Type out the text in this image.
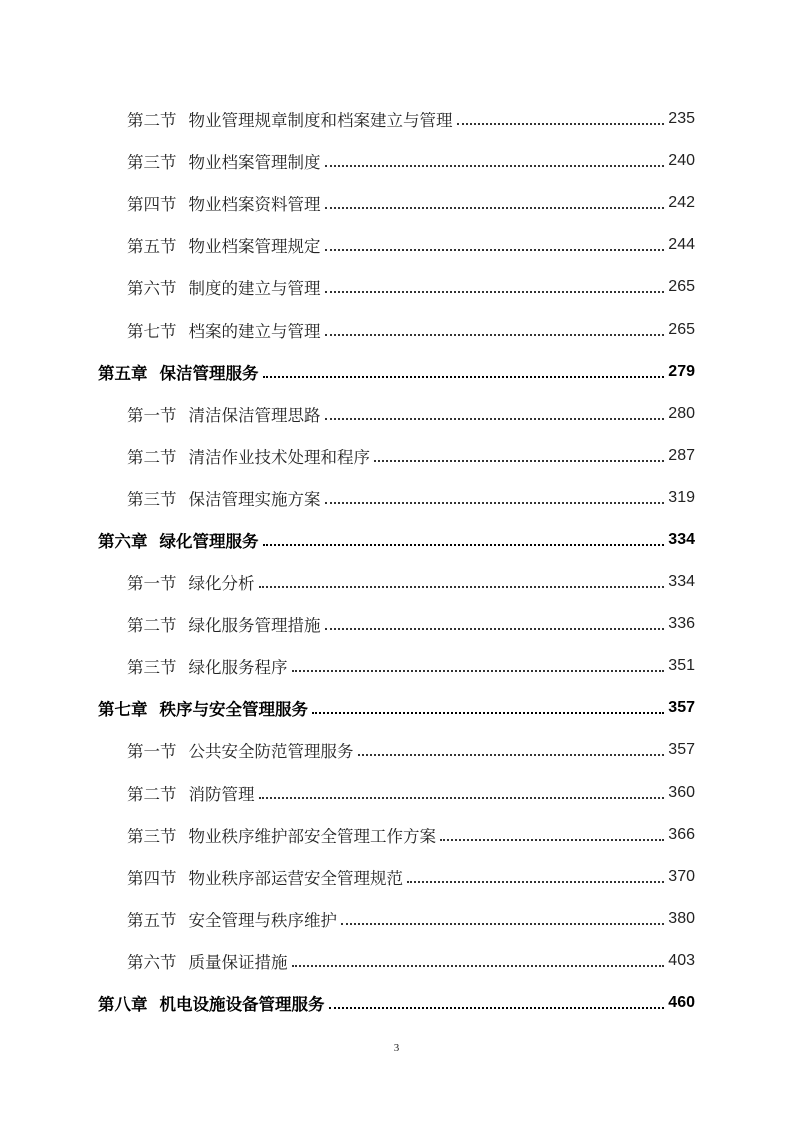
第二节 物业管理规章制度和档案建立与管理	235
第三节 物业档案管理制度	240
第四节 物业档案资料管理	242
第五节 物业档案管理规定	244
第六节 制度的建立与管理	265
第七节 档案的建立与管理	265
第五章 保洁管理服务	279
第一节 清洁保洁管理思路	280
第二节 清洁作业技术处理和程序	287
第三节 保洁管理实施方案	319
第六章 绿化管理服务	334
第一节 绿化分析	334
第二节 绿化服务管理措施	336
第三节 绿化服务程序	351
第七章 秩序与安全管理服务	357
第一节 公共安全防范管理服务	357
第二节 消防管理	360
第三节 物业秩序维护部安全管理工作方案	366
第四节 物业秩序部运营安全管理规范	370
第五节 安全管理与秩序维护	380
第六节 质量保证措施	403
第八章 机电设施设备管理服务	460
3
